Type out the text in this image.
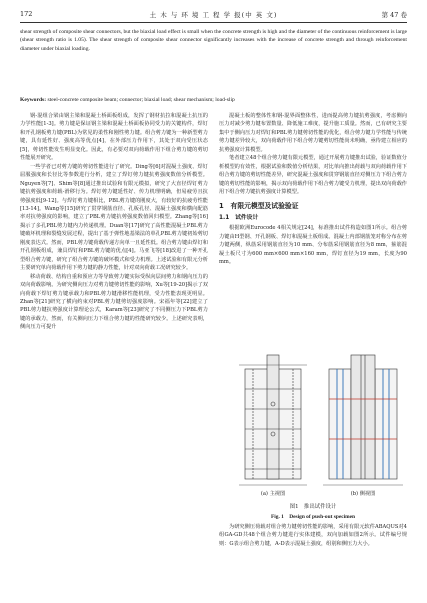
172	土 木 与 环 境 工 程 学 报(中 英 文)	第 47 卷
shear strength of composite shear connectors, but the biaxial load effect is small when the concrete strength is high and the diameter of the continuous reinforcement is large (shear strength ratio is 1.05). The shear strength of composite shear connector significantly increases with the increase of concrete strength and through reinforcement diameter under biaxial loading.
Keywords: steel-concrete composite beam; connector; biaxial load; shear mechanism; load-slip

钢-混组合梁由钢主梁和混凝土桥面板组成，发挥了钢材抗拉和混凝土抗压的力学性能[1-3]。剪力键是保证钢主梁和混凝土桥面板协同受力的关键构件，焊钉和开孔钢板剪力键(PBL)为常见的柔性和刚性剪力键。组合剪力键为一种新型剪力键，具有延性好、强度高等优点[4]，在外部压力作用下，其处于双向受压状态[5]，剪切性能发生明显变化。因此，有必要对双向荷载作用下组合剪力键的剪切性能展开研究。

一些学者已对剪力键的剪切性能进行了研究。Ding等[6]对混凝土强度、焊钉屈服强度和长径比等参数进行分析，建立了焊钉剪力键抗剪强度数值分析模型。Nguyen等[7]、Shim等[8]通过推出试验和有限元模拟，研究了大直径焊钉剪力键抗剪强度和荷载-滑移行为。焊钉剪力键延性好、传力机理明确，但易疲劳且抗剪强度低[9-12]。与焊钉剪力键相比，PBL剪力键的刚度大，有较好的抗疲劳性能[13-14]。Wang等[15]研究了贯穿钢筋直径、孔板孔径、混凝土强度和横向配筋率对抗剪强度的影响，建立了PBL剪力键抗剪强度数值回归模型。Zhang等[16]揭示了多孔PBL剪力键内力传递机理。Duan等[17]研究了高性能混凝土PBL剪力键破坏机理和裂缝发展过程，提出了基于弹性地基梁法的单孔PBL剪力键初始剪切刚度表达式。然而，PBL剪力键荷载传递方向单一且延性低。组合剪力键由焊钉和开孔钢板组成，兼具焊钉和PBL剪力键的优点[4]。马亚飞等[18]改进了一种开孔型组合剪力键，研究了组合剪力键的破坏模式和受力机理。上述试验和有限元分析主要研究单向荷载作用下剪力键的静力性能，针对双向荷载工况研究较少。

移动荷载、结构自重和预应力等导致剪力键实际受纵向层间剪力和钢向压力的双向荷载影响。为研究侧向压力对剪力键剪切性能的影响，Xu等[19-20]揭示了双向荷载下焊钉剪力键承载力和PBL剪力键滑移性能机理，受力性能表现更明显。Zhan等[21]研究了横向约束对PBL剪力键剪切强度影响。宋福年等[22]建立了PBL剪力键抗剪强度计算理论公式，Karam等[23]研究了不同侧压力下PBL剪力键的承载力，然而，有关侧向压力下组合剪力键的性能研究较少。上述研究表明，侧向压力可提升

混凝土板的整体性和钢-混界面整体性，进而提高剪力键抗剪强度，考虑侧向压力对减少剪力键布置数量、降低施工难度，提升施工质量。然而，已有研究主要集中于侧向压力对焊钉和PBL剪力键剪切性能的优化，组合剪力键力学性能与传统剪力键差异较大，双向荷载作用下组合剪力键剪切性能尚未明确，亟待建立相应的抗剪强度计算模型。

笔者建立48个组合剪力键有限元模型，通过开展剪力键推出试验，验证数值分析模型的有效性，根据试验和数值分析结果，对比单向推出荷载与双向荷载作用下组合剪力键的剪切性能差异，研究混凝土强度和贯穿钢筋直径对侧压力下组合剪力键的剪切性能的影响，揭示双向荷载作用下组合剪力键受力机理，提出双向荷载作用下组合剪力键抗剪强度计算模型。

1　有限元模型及试验验证
1.1　试件设计

根据欧洲Eurocode 4相关规定[24]，标准推出试件构造如图1所示。组合剪力键由H型钢、开孔钢板、焊钉和混凝土板组成。混凝土内部钢筋笼对称分布在剪力键两侧，纵筋采用钢筋直径为10 mm、分布筋采用钢筋直径为8 mm，箍筋混凝土板尺寸为600 mm×600 mm×160 mm，焊钉直径为19 mm，长度为90 mm。

(a) 主视图	(b) 侧视图
图1　推出试件设计
Fig. 1　Design of push-out specimen

为研究侧压荷载对组合剪力键剪切性能的影响，采用有限元软件ABAQUS对4组GA-GD共48个组合剪力键进行实体建模，双向加载如图2所示。试件编号规则：G表示组合剪力键，A-D表示混凝土强度，组别和侧压力大小。
